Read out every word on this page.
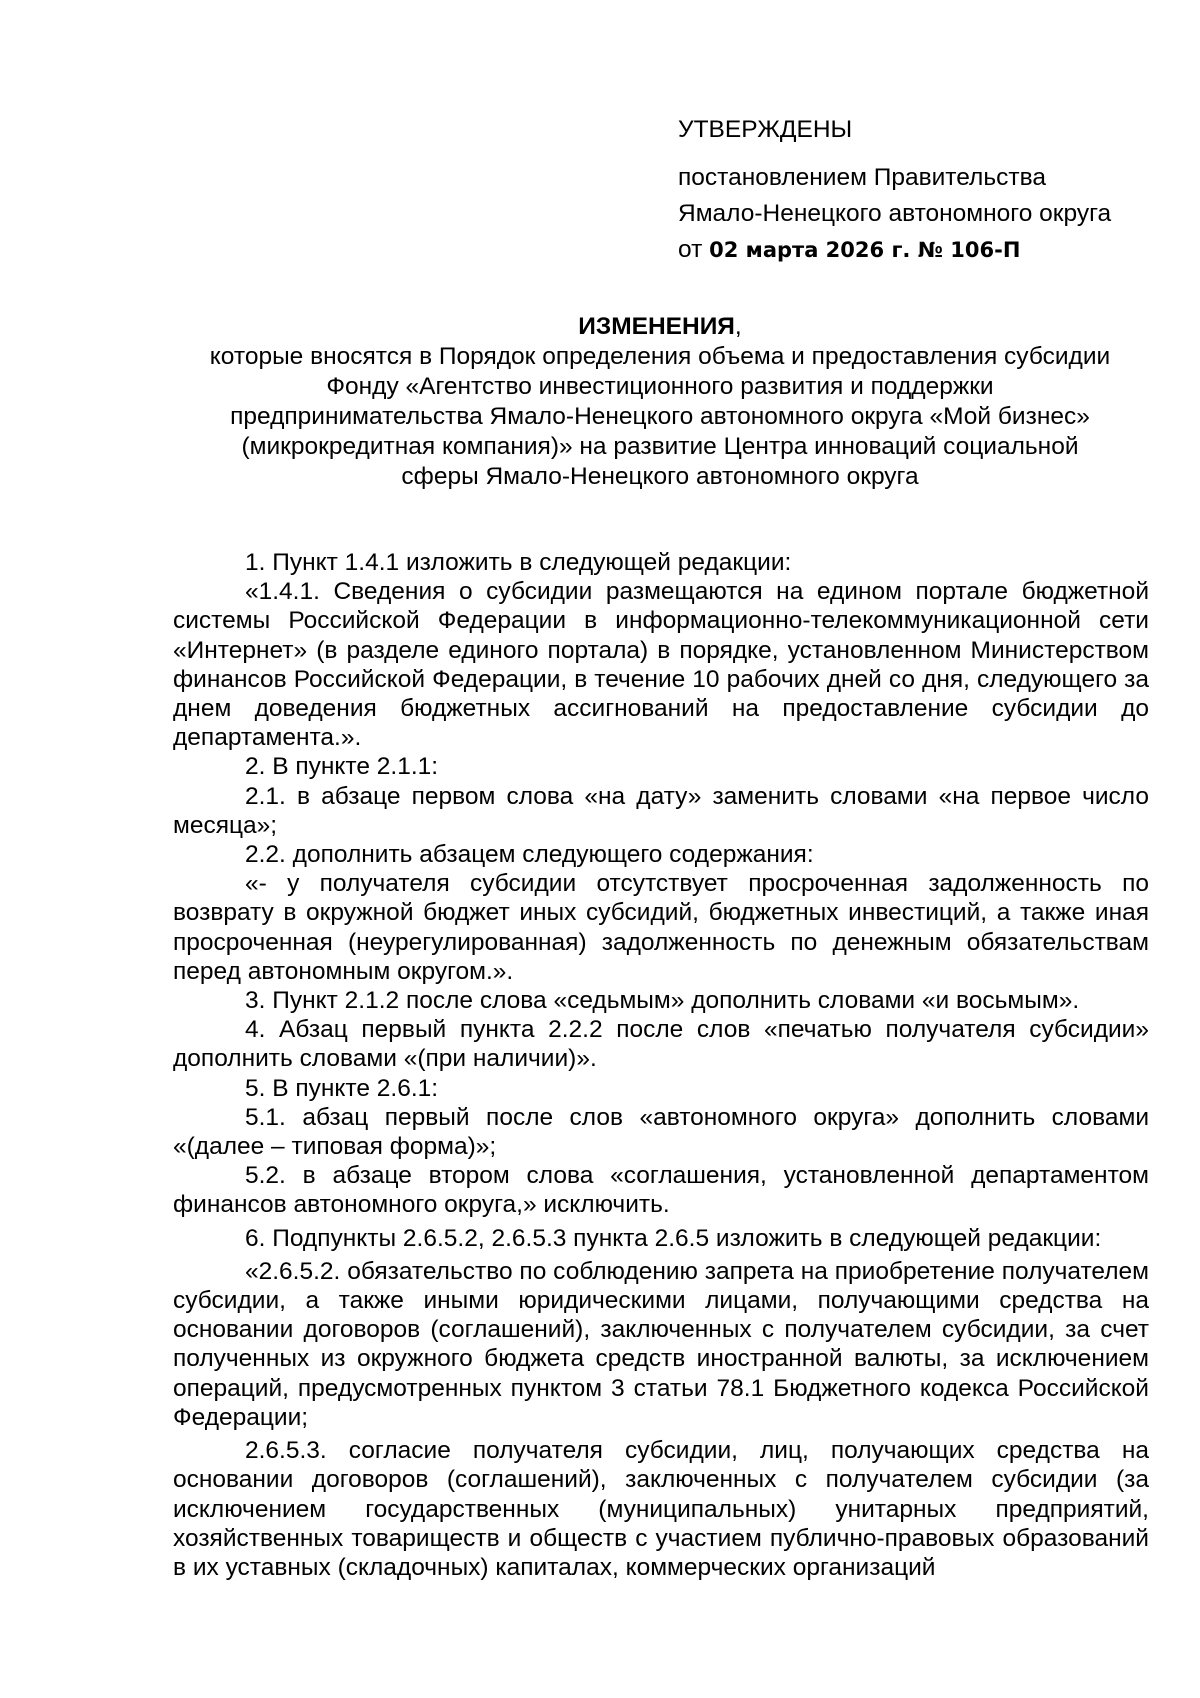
УТВЕРЖДЕНЫ
постановлением Правительства
Ямало-Ненецкого автономного округа
от 02 марта 2026 г. № 106-П
ИЗМЕНЕНИЯ,
которые вносятся в Порядок определения объема и предоставления субсидии
Фонду «Агентство инвестиционного развития и поддержки
предпринимательства Ямало-Ненецкого автономного округа «Мой бизнес»
(микрокредитная компания)» на развитие Центра инноваций социальной
сферы Ямало-Ненецкого автономного округа

1. Пункт 1.4.1 изложить в следующей редакции:

«1.4.1. Сведения о субсидии размещаются на едином портале бюджетной системы Российской Федерации в информационно-телекоммуникационной сети «Интернет» (в разделе единого портала) в порядке, установленном Министерством финансов Российской Федерации, в течение 10 рабочих дней со дня, следующего за днем доведения бюджетных ассигнований на предоставление субсидии до департамента.».

2. В пункте 2.1.1:

2.1. в абзаце первом слова «на дату» заменить словами «на первое число месяца»;

2.2. дополнить абзацем следующего содержания:

«- у получателя субсидии отсутствует просроченная задолженность по возврату в окружной бюджет иных субсидий, бюджетных инвестиций, а также иная просроченная (неурегулированная) задолженность по денежным обязательствам перед автономным округом.».

3. Пункт 2.1.2 после слова «седьмым» дополнить словами «и восьмым».

4. Абзац первый пункта 2.2.2 после слов «печатью получателя субсидии» дополнить словами «(при наличии)».

5. В пункте 2.6.1:

5.1. абзац первый после слов «автономного округа» дополнить словами «(далее – типовая форма)»;

5.2. в абзаце втором слова «соглашения, установленной департаментом финансов автономного округа,» исключить.

6. Подпункты 2.6.5.2, 2.6.5.3 пункта 2.6.5 изложить в следующей редакции:

«2.6.5.2. обязательство по соблюдению запрета на приобретение получателем субсидии, а также иными юридическими лицами, получающими средства на основании договоров (соглашений), заключенных с получателем субсидии, за счет полученных из окружного бюджета средств иностранной валюты, за исключением операций, предусмотренных пунктом 3 статьи 78.1 Бюджетного кодекса Российской Федерации;

2.6.5.3. согласие получателя субсидии, лиц, получающих средства на основании договоров (соглашений), заключенных с получателем субсидии (за исключением государственных (муниципальных) унитарных предприятий, хозяйственных товариществ и обществ с участием публично-правовых образований в их уставных (складочных) капиталах, коммерческих организаций
